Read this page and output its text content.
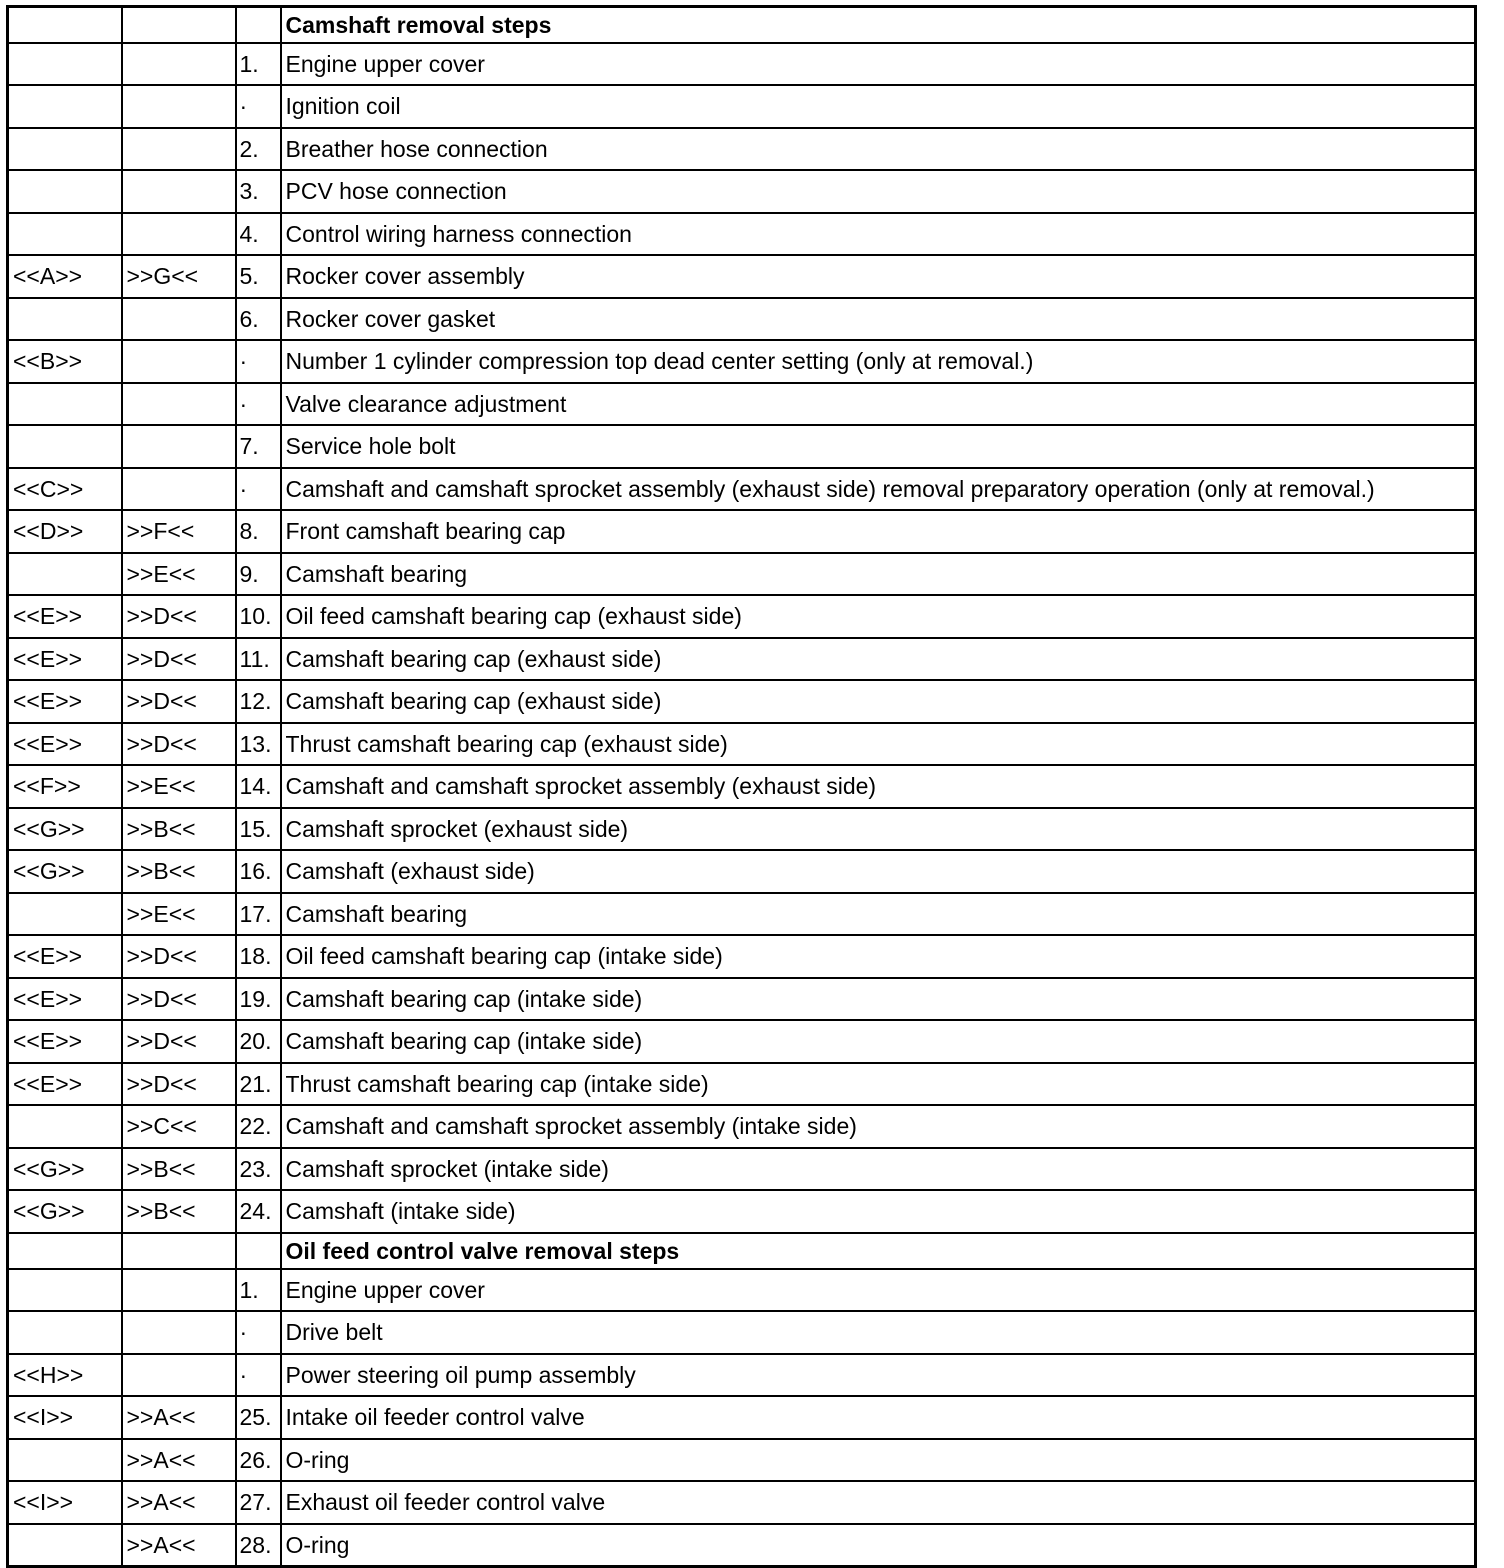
			Camshaft removal steps
		1.	Engine upper cover
		·	Ignition coil
		2.	Breather hose connection
		3.	PCV hose connection
		4.	Control wiring harness connection
<<A>>	>>G<<	5.	Rocker cover assembly
		6.	Rocker cover gasket
<<B>>		·	Number 1 cylinder compression top dead center setting (only at removal.)
		·	Valve clearance adjustment
		7.	Service hole bolt
<<C>>		·	Camshaft and camshaft sprocket assembly (exhaust side) removal preparatory operation (only at removal.)
<<D>>	>>F<<	8.	Front camshaft bearing cap
	>>E<<	9.	Camshaft bearing
<<E>>	>>D<<	10.	Oil feed camshaft bearing cap (exhaust side)
<<E>>	>>D<<	11.	Camshaft bearing cap (exhaust side)
<<E>>	>>D<<	12.	Camshaft bearing cap (exhaust side)
<<E>>	>>D<<	13.	Thrust camshaft bearing cap (exhaust side)
<<F>>	>>E<<	14.	Camshaft and camshaft sprocket assembly (exhaust side)
<<G>>	>>B<<	15.	Camshaft sprocket (exhaust side)
<<G>>	>>B<<	16.	Camshaft (exhaust side)
	>>E<<	17.	Camshaft bearing
<<E>>	>>D<<	18.	Oil feed camshaft bearing cap (intake side)
<<E>>	>>D<<	19.	Camshaft bearing cap (intake side)
<<E>>	>>D<<	20.	Camshaft bearing cap (intake side)
<<E>>	>>D<<	21.	Thrust camshaft bearing cap (intake side)
	>>C<<	22.	Camshaft and camshaft sprocket assembly (intake side)
<<G>>	>>B<<	23.	Camshaft sprocket (intake side)
<<G>>	>>B<<	24.	Camshaft (intake side)
			Oil feed control valve removal steps
		1.	Engine upper cover
		·	Drive belt
<<H>>		·	Power steering oil pump assembly
<<I>>	>>A<<	25.	Intake oil feeder control valve
	>>A<<	26.	O-ring
<<I>>	>>A<<	27.	Exhaust oil feeder control valve
	>>A<<	28.	O-ring
